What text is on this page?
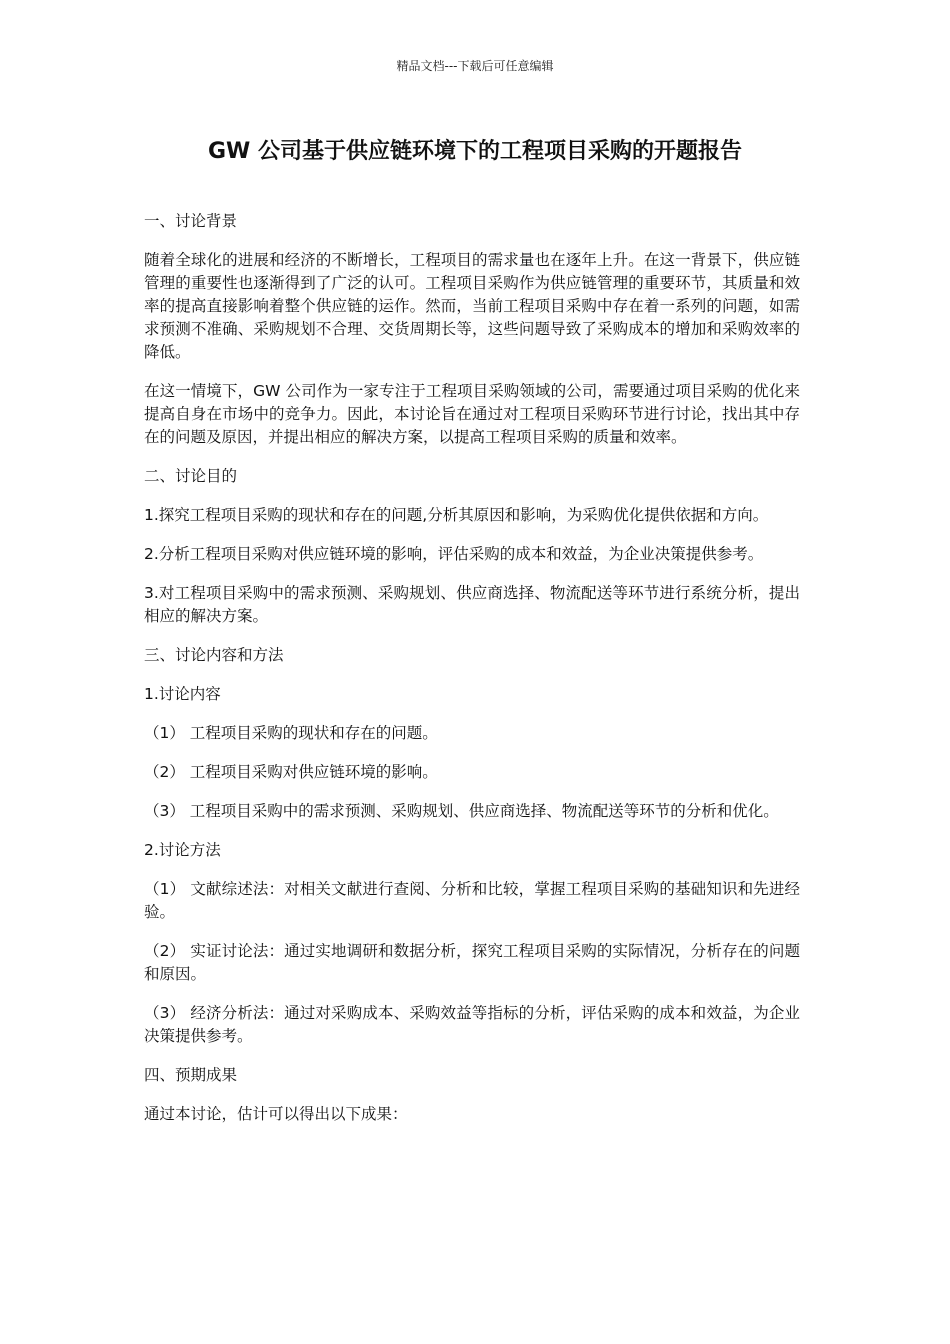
精品文档---下载后可任意编辑
GW 公司基于供应链环境下的工程项目采购的开题报告

一、讨论背景

随着全球化的进展和经济的不断增长，工程项目的需求量也在逐年上升。在这一背景下，供应链管理的重要性也逐渐得到了广泛的认可。工程项目采购作为供应链管理的重要环节，其质量和效率的提高直接影响着整个供应链的运作。然而，当前工程项目采购中存在着一系列的问题，如需求预测不准确、采购规划不合理、交货周期长等，这些问题导致了采购成本的增加和采购效率的降低。

在这一情境下，GW 公司作为一家专注于工程项目采购领域的公司，需要通过项目采购的优化来提高自身在市场中的竞争力。因此，本讨论旨在通过对工程项目采购环节进行讨论，找出其中存在的问题及原因，并提出相应的解决方案，以提高工程项目采购的质量和效率。

二、讨论目的

1.探究工程项目采购的现状和存在的问题,分析其原因和影响，为采购优化提供依据和方向。

2.分析工程项目采购对供应链环境的影响，评估采购的成本和效益，为企业决策提供参考。

3.对工程项目采购中的需求预测、采购规划、供应商选择、物流配送等环节进行系统分析，提出相应的解决方案。

三、讨论内容和方法

1.讨论内容

（1） 工程项目采购的现状和存在的问题。

（2） 工程项目采购对供应链环境的影响。

（3） 工程项目采购中的需求预测、采购规划、供应商选择、物流配送等环节的分析和优化。

2.讨论方法

（1） 文献综述法：对相关文献进行查阅、分析和比较，掌握工程项目采购的基础知识和先进经验。

（2） 实证讨论法：通过实地调研和数据分析，探究工程项目采购的实际情况，分析存在的问题和原因。

（3） 经济分析法：通过对采购成本、采购效益等指标的分析，评估采购的成本和效益，为企业决策提供参考。

四、预期成果

通过本讨论，估计可以得出以下成果：
